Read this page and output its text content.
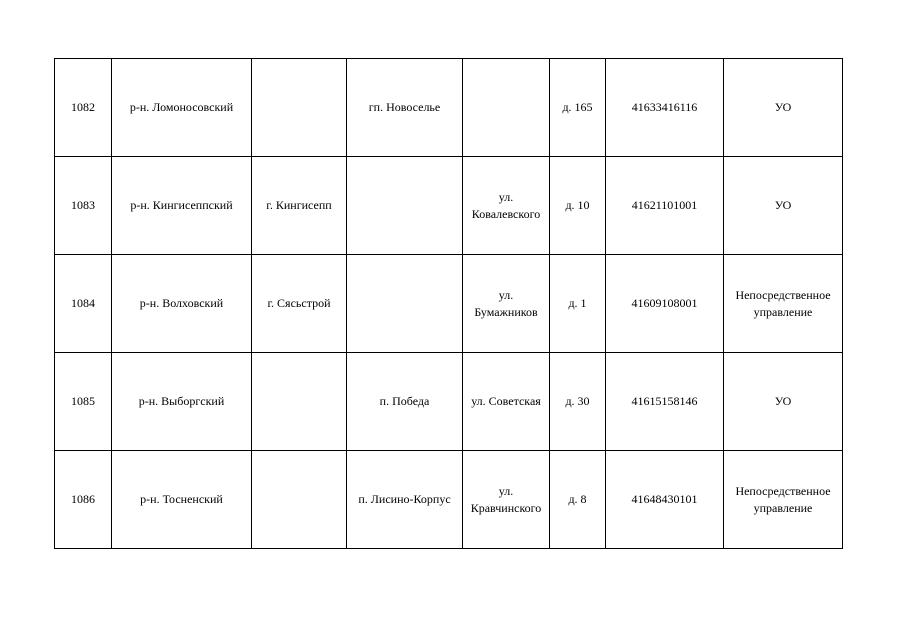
1082	р-н. Ломоносовский		гп. Новоселье		д. 165	41633416116	УО
1083	р-н. Кингисеппский	г. Кингисепп		ул. Ковалевского	д. 10	41621101001	УО
1084	р-н. Волховский	г. Сясьстрой		ул. Бумажников	д. 1	41609108001	Непосредственное управление
1085	р-н. Выборгский		п. Победа	ул. Советская	д. 30	41615158146	УО
1086	р-н. Тосненский		п. Лисино-Корпус	ул. Кравчинского	д. 8	41648430101	Непосредственное управление
